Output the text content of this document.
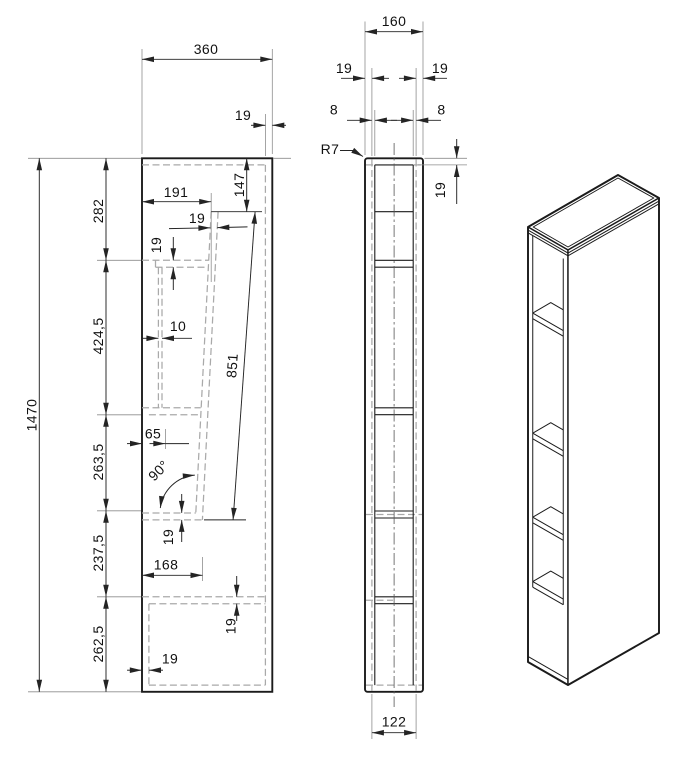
360
19
1470
282
424,5
263,5
237,5
262,5
191	147
19
19
10
851
65
90°
19
168
19
19
160
19	19
8	8
R7
19
122
